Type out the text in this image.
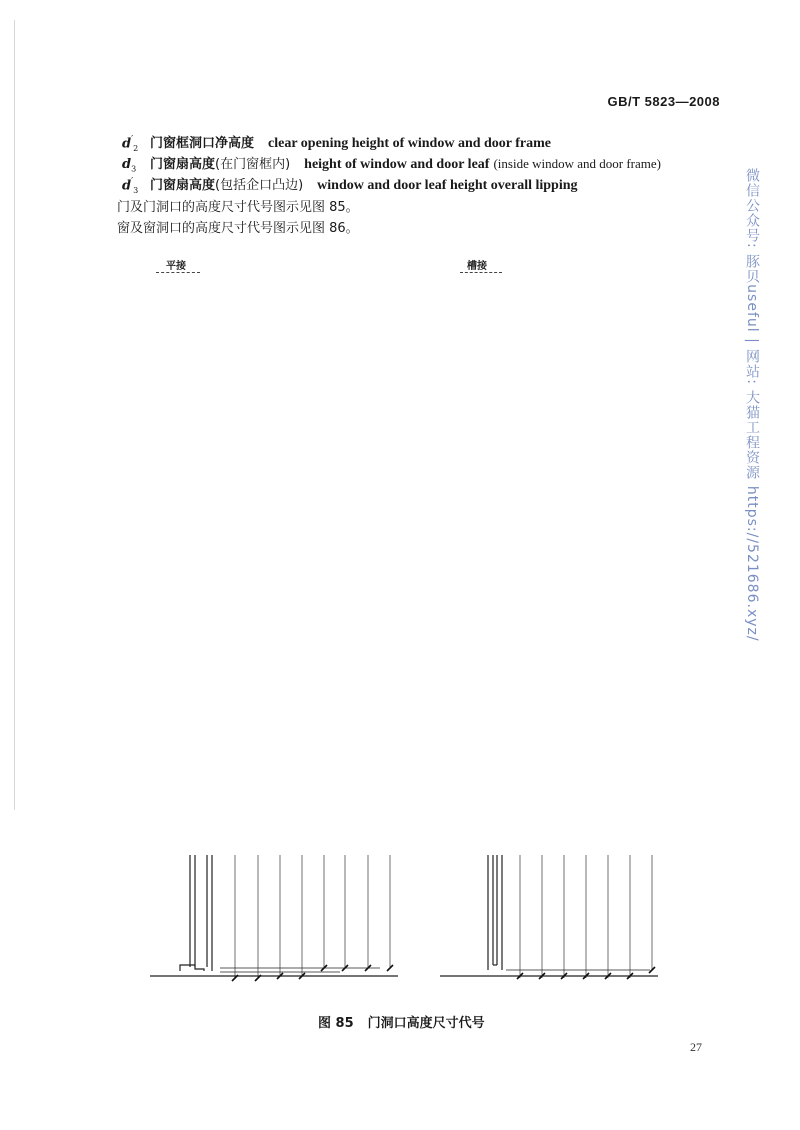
GB/T 5823—2008
$d'_2$ 门窗框洞口净高度 clear opening height of window and door frame
$d_3$	门窗扇高度 (在门窗框内) height of window and door leaf (inside window and door frame)
$d'_3$ 门窗扇高度 (包括企口凸边) window and door leaf height overall lipping
门及门洞口的高度尺寸代号图示见图 85。
窗及窗洞口的高度尺寸代号图示见图 86。
平接	槽接
图 85 门洞口高度尺寸代号
27
微信公众号: 豚贝useful | 网站: 大猫工程资源 https://521686.xyz/
